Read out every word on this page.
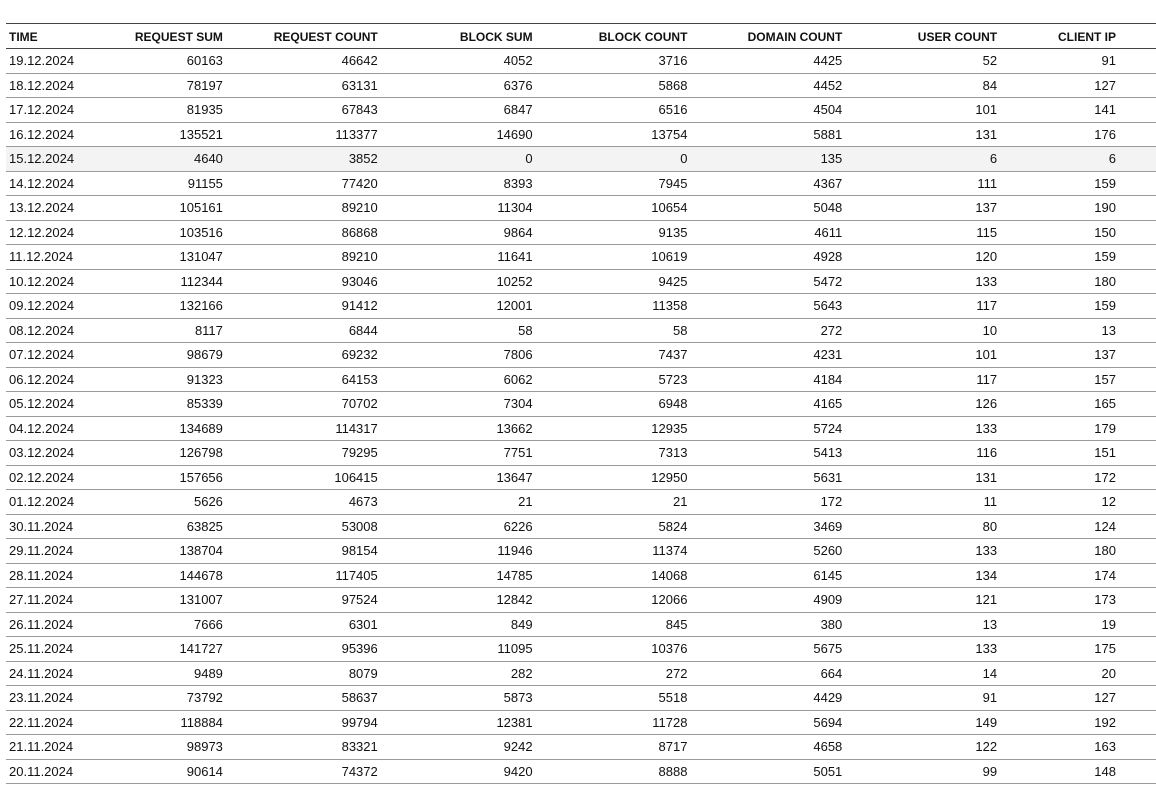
TIME	REQUEST SUM	REQUEST COUNT	BLOCK SUM	BLOCK COUNT	DOMAIN COUNT	USER COUNT	CLIENT IP
19.12.2024	60163	46642	4052	3716	4425	52	91
18.12.2024	78197	63131	6376	5868	4452	84	127
17.12.2024	81935	67843	6847	6516	4504	101	141
16.12.2024	135521	113377	14690	13754	5881	131	176
15.12.2024	4640	3852	0	0	135	6	6
14.12.2024	91155	77420	8393	7945	4367	111	159
13.12.2024	105161	89210	11304	10654	5048	137	190
12.12.2024	103516	86868	9864	9135	4611	115	150
11.12.2024	131047	89210	11641	10619	4928	120	159
10.12.2024	112344	93046	10252	9425	5472	133	180
09.12.2024	132166	91412	12001	11358	5643	117	159
08.12.2024	8117	6844	58	58	272	10	13
07.12.2024	98679	69232	7806	7437	4231	101	137
06.12.2024	91323	64153	6062	5723	4184	117	157
05.12.2024	85339	70702	7304	6948	4165	126	165
04.12.2024	134689	114317	13662	12935	5724	133	179
03.12.2024	126798	79295	7751	7313	5413	116	151
02.12.2024	157656	106415	13647	12950	5631	131	172
01.12.2024	5626	4673	21	21	172	11	12
30.11.2024	63825	53008	6226	5824	3469	80	124
29.11.2024	138704	98154	11946	11374	5260	133	180
28.11.2024	144678	117405	14785	14068	6145	134	174
27.11.2024	131007	97524	12842	12066	4909	121	173
26.11.2024	7666	6301	849	845	380	13	19
25.11.2024	141727	95396	11095	10376	5675	133	175
24.11.2024	9489	8079	282	272	664	14	20
23.11.2024	73792	58637	5873	5518	4429	91	127
22.11.2024	118884	99794	12381	11728	5694	149	192
21.11.2024	98973	83321	9242	8717	4658	122	163
20.11.2024	90614	74372	9420	8888	5051	99	148
